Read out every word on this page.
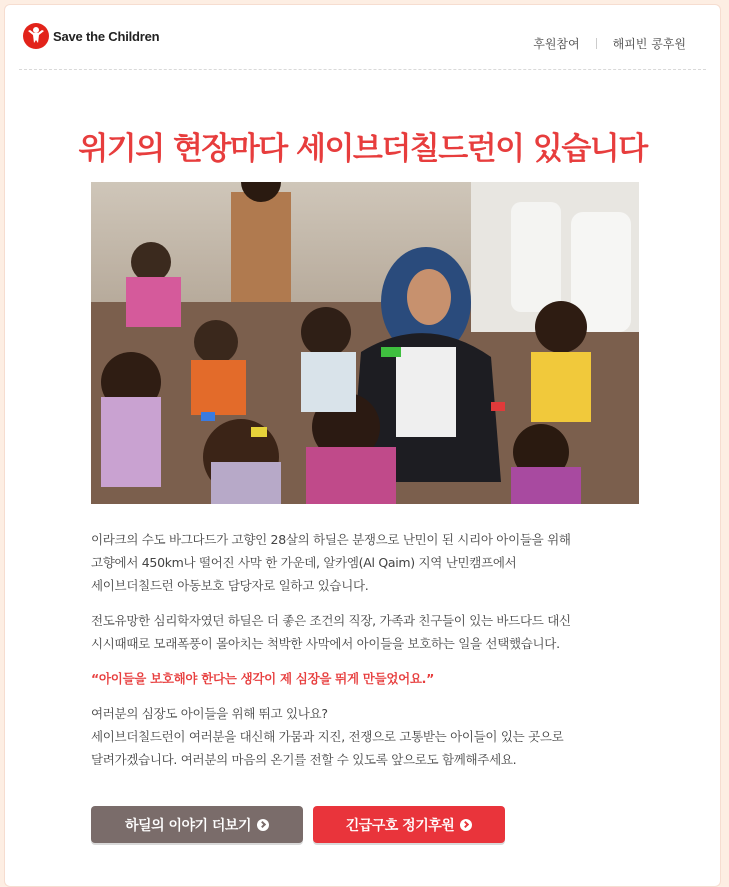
Save the Children
후원참여	해피빈 콩후원
위기의 현장마다 세이브더칠드런이 있습니다

이라크의 수도 바그다드가 고향인 28살의 하딜은 분쟁으로 난민이 된 시리아 아이들을 위해
고향에서 450km나 떨어진 사막 한 가운데, 알카엠(Al Qaim) 지역 난민캠프에서
세이브더칠드런 아동보호 담당자로 일하고 있습니다.

전도유망한 심리학자였던 하딜은 더 좋은 조건의 직장, 가족과 친구들이 있는 바드다드 대신
시시때때로 모래폭풍이 몰아치는 척박한 사막에서 아이들을 보호하는 일을 선택했습니다.

“아이들을 보호해야 한다는 생각이 제 심장을 뛰게 만들었어요.”

여러분의 심장도 아이들을 위해 뛰고 있나요?
세이브더칠드런이 여러분을 대신해 가뭄과 지진, 전쟁으로 고통받는 아이들이 있는 곳으로
달려가겠습니다. 여러분의 마음의 온기를 전할 수 있도록 앞으로도 함께해주세요.

하딜의 이야기 더보기	긴급구호 정기후원
